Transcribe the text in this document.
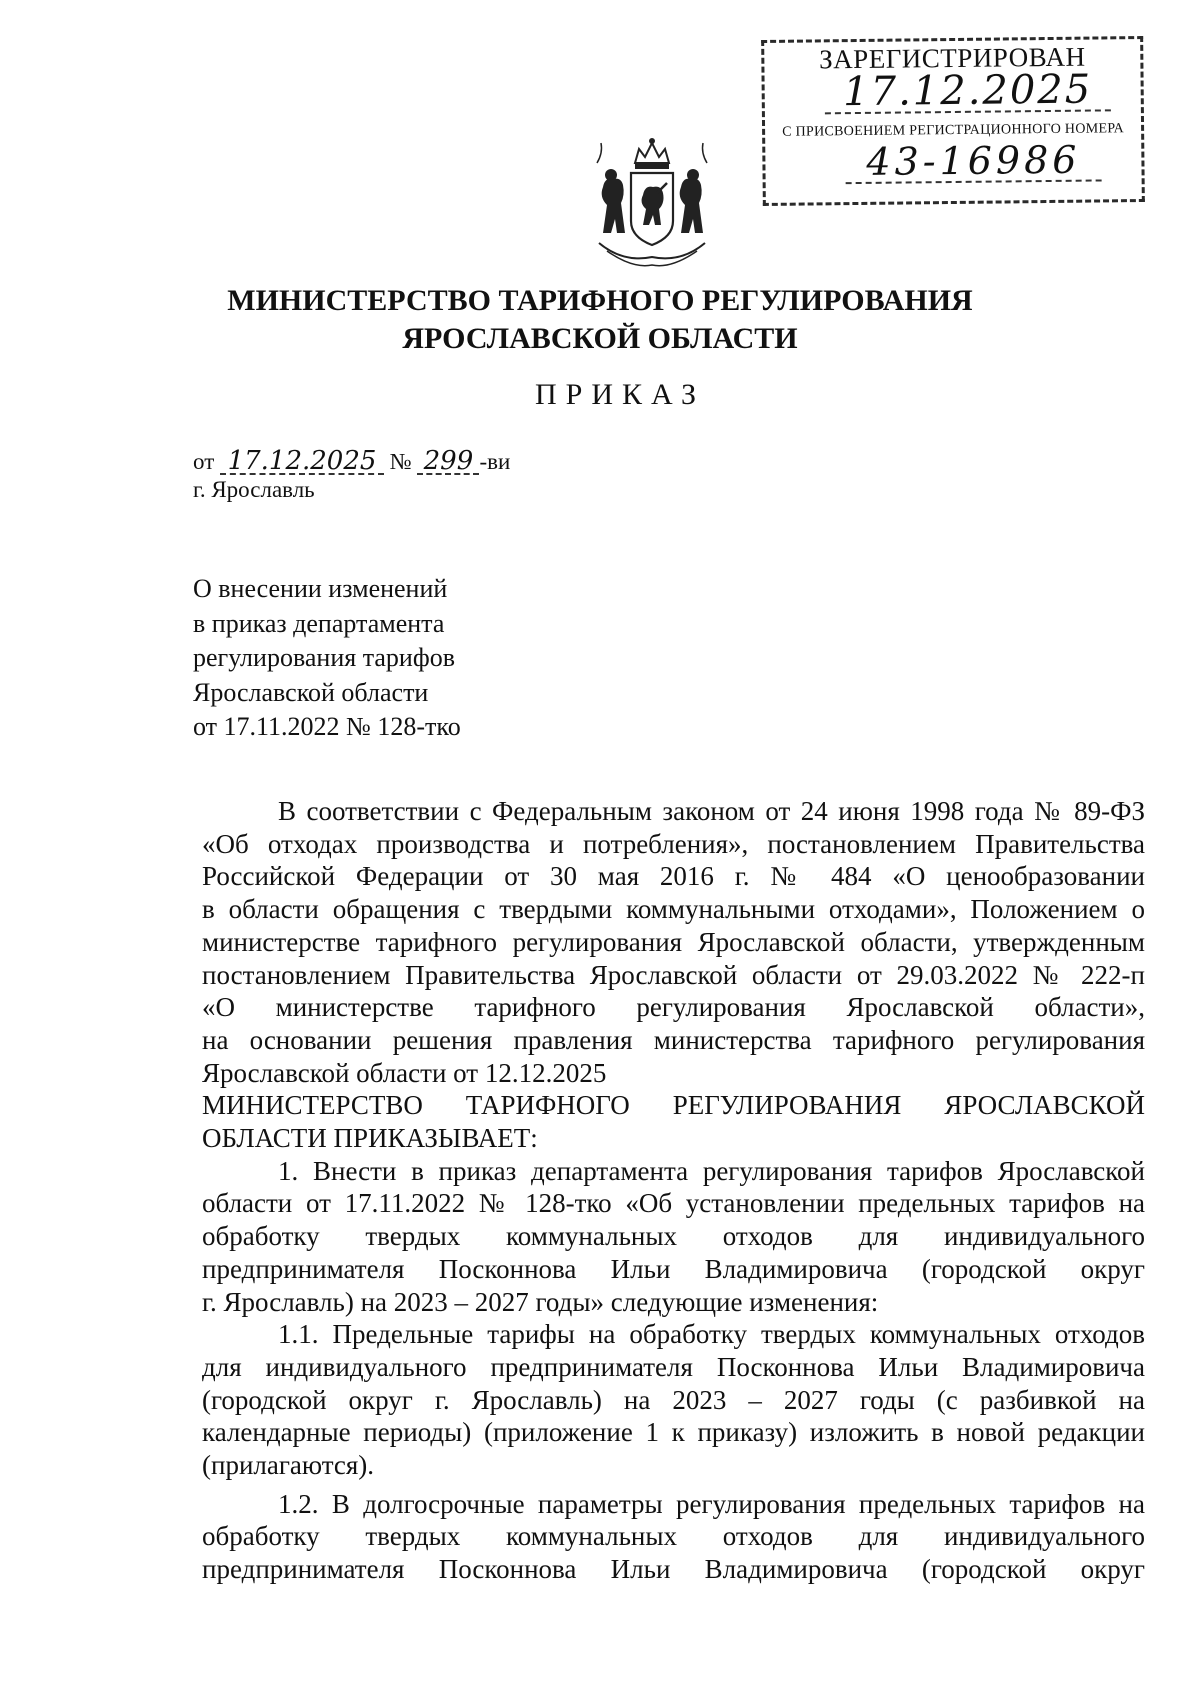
ЗАРЕГИСТРИРОВАН
17.12.2025
С ПРИСВОЕНИЕМ РЕГИСТРАЦИОННОГО НОМЕРА
43-16986
МИНИСТЕРСТВО ТАРИФНОГО РЕГУЛИРОВАНИЯ
ЯРОСЛАВСКОЙ ОБЛАСТИ
ПРИКАЗ
от 17.12.2025 № 299 -ви
г. Ярославль
О внесении изменений
в приказ департамента
регулирования тарифов
Ярославской области
от 17.11.2022 № 128-тко

В соответствии с Федеральным законом от 24 июня 1998 года № 89-ФЗ

«Об отходах производства и потребления», постановлением Правительства

Российской Федерации от 30 мая 2016 г. № 484 «О ценообразовании

в области обращения с твердыми коммунальными отходами», Положением о

министерстве тарифного регулирования Ярославской области, утвержденным

постановлением Правительства Ярославской области от 29.03.2022 № 222-п

«О министерстве тарифного регулирования Ярославской области»,

на основании решения правления министерства тарифного регулирования

Ярославской области от 12.12.2025

МИНИСТЕРСТВО ТАРИФНОГО РЕГУЛИРОВАНИЯ ЯРОСЛАВСКОЙ

ОБЛАСТИ ПРИКАЗЫВАЕТ:

1. Внести в приказ департамента регулирования тарифов Ярославской

области от 17.11.2022 № 128-тко «Об установлении предельных тарифов на

обработку твердых коммунальных отходов для индивидуального

предпринимателя Посконнова Ильи Владимировича (городской округ

г. Ярославль) на 2023 – 2027 годы» следующие изменения:

1.1. Предельные тарифы на обработку твердых коммунальных отходов

для индивидуального предпринимателя Посконнова Ильи Владимировича

(городской округ г. Ярославль) на 2023 – 2027 годы (с разбивкой на

календарные периоды) (приложение 1 к приказу) изложить в новой редакции

(прилагаются).

1.2. В долгосрочные параметры регулирования предельных тарифов на

обработку твердых коммунальных отходов для индивидуального

предпринимателя Посконнова Ильи Владимировича (городской округ
